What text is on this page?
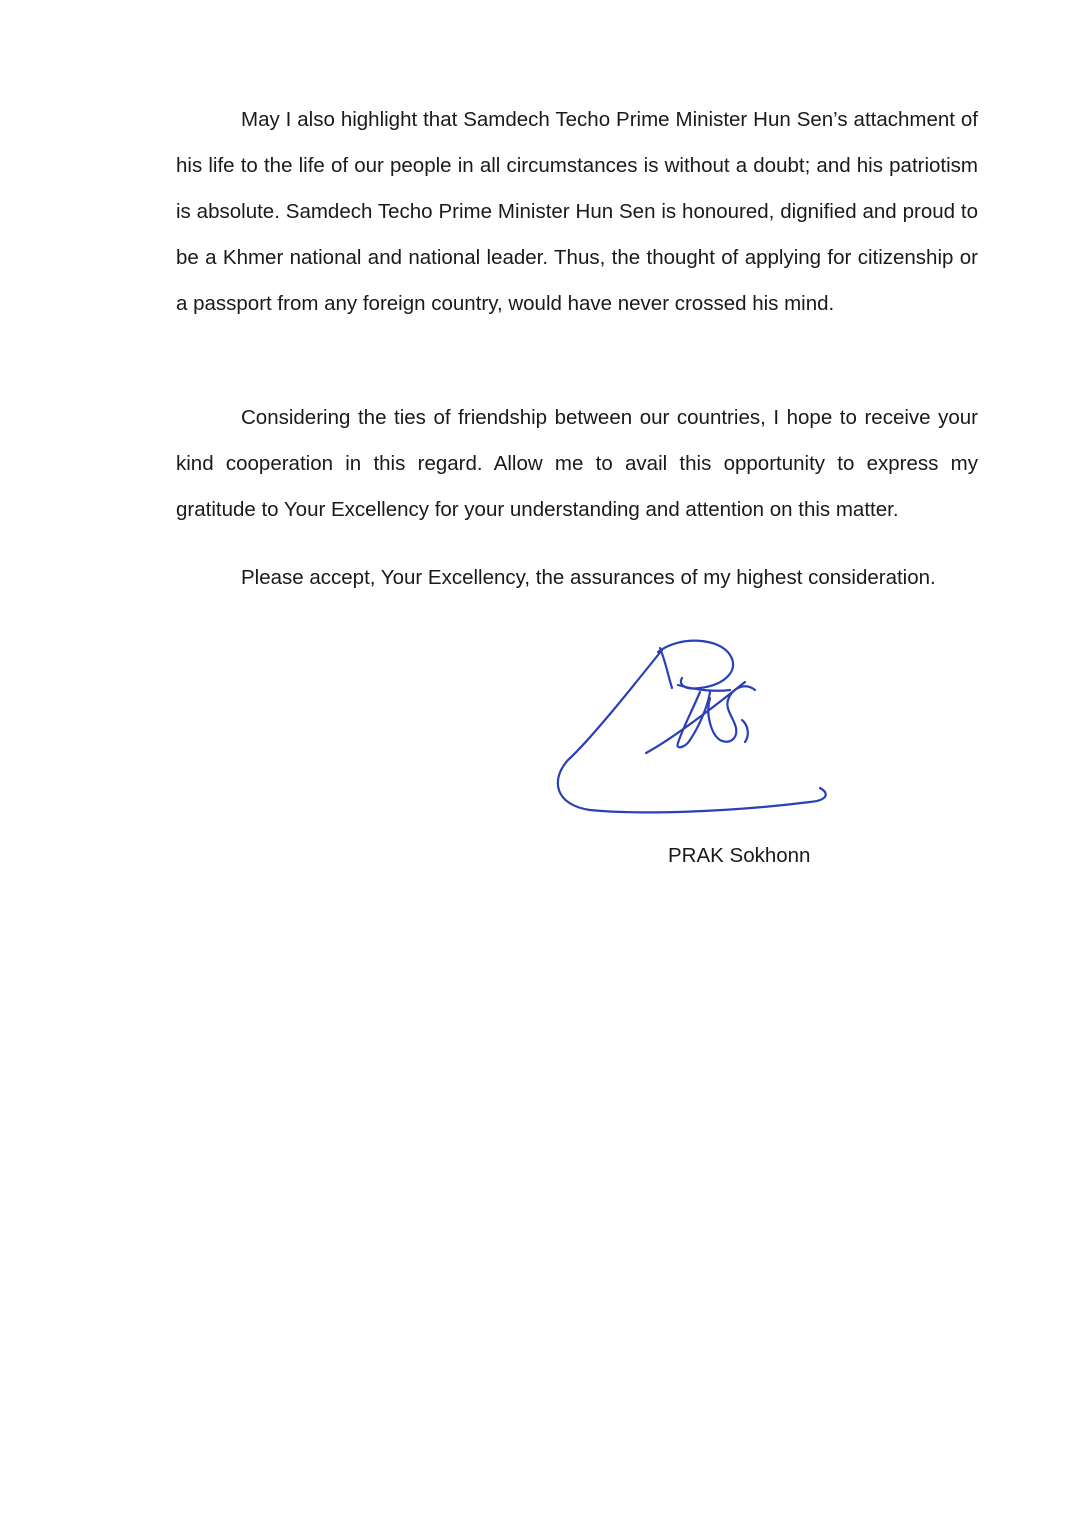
May I also highlight that Samdech Techo Prime Minister Hun Sen’s attachment of his life to the life of our people in all circumstances is without a doubt; and his patriotism is absolute. Samdech Techo Prime Minister Hun Sen is honoured, dignified and proud to be a Khmer national and national leader. Thus, the thought of applying for citizenship or a passport from any foreign country, would have never crossed his mind.

Considering the ties of friendship between our countries, I hope to receive your kind cooperation in this regard. Allow me to avail this opportunity to express my gratitude to Your Excellency for your understanding and attention on this matter.

Please accept, Your Excellency, the assurances of my highest consideration.

PRAK Sokhonn
